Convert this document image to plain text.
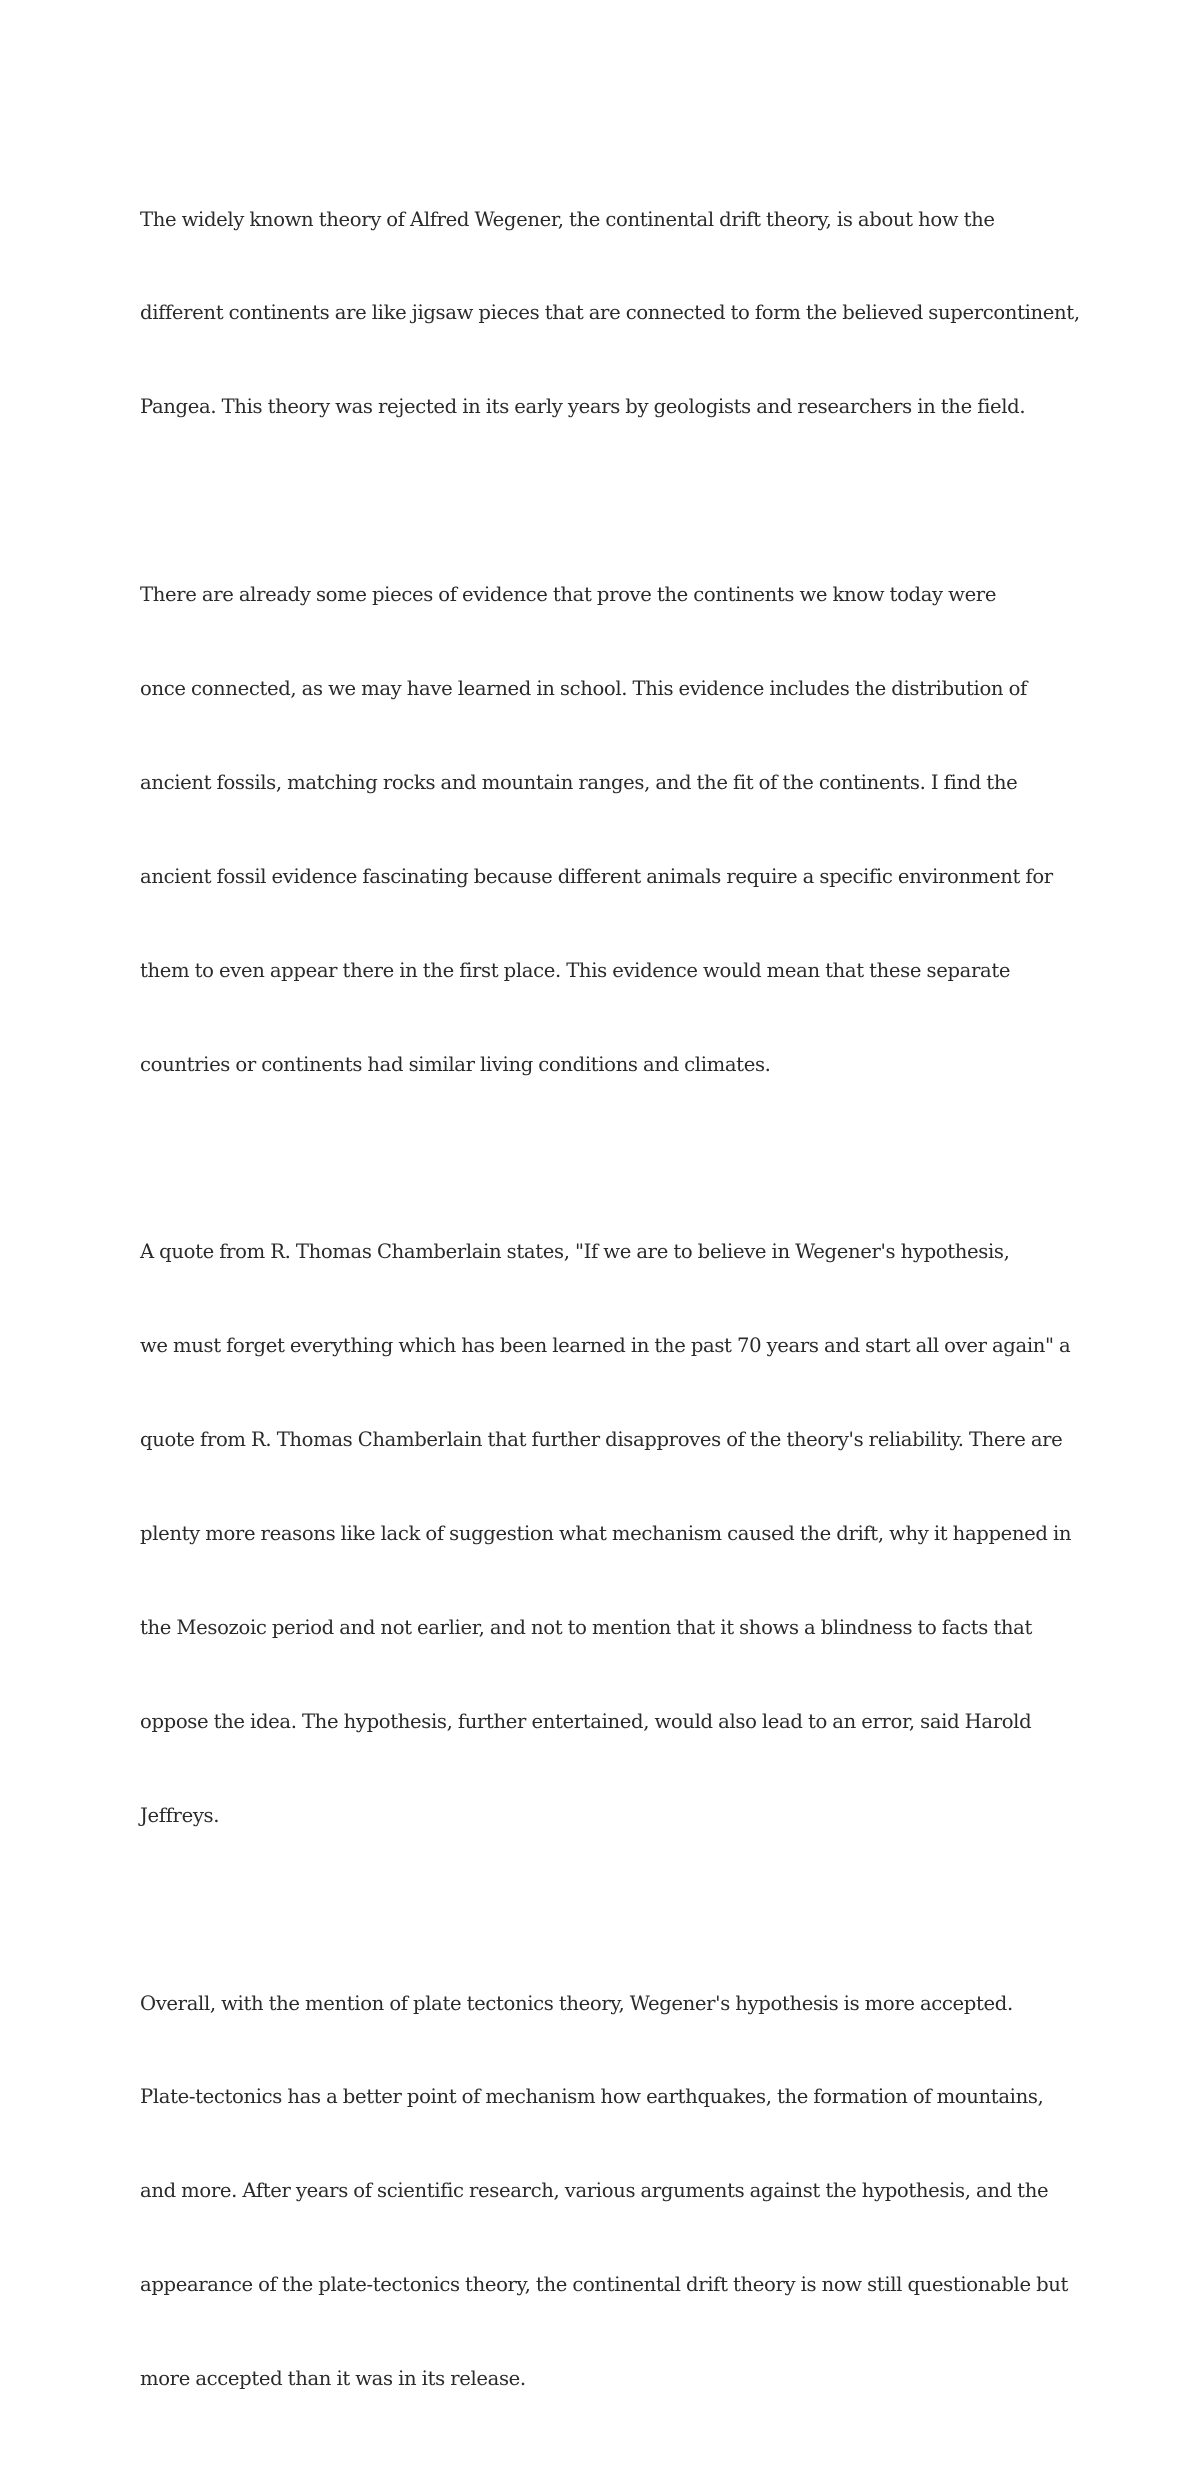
The widely known theory of Alfred Wegener, the continental drift theory, is about how the

different continents are like jigsaw pieces that are connected to form the believed supercontinent,

Pangea. This theory was rejected in its early years by geologists and researchers in the field.

There are already some pieces of evidence that prove the continents we know today were

once connected, as we may have learned in school. This evidence includes the distribution of

ancient fossils, matching rocks and mountain ranges, and the fit of the continents. I find the

ancient fossil evidence fascinating because different animals require a specific environment for

them to even appear there in the first place. This evidence would mean that these separate

countries or continents had similar living conditions and climates.

A quote from R. Thomas Chamberlain states, "If we are to believe in Wegener's hypothesis,

we must forget everything which has been learned in the past 70 years and start all over again" a

quote from R. Thomas Chamberlain that further disapproves of the theory's reliability. There are

plenty more reasons like lack of suggestion what mechanism caused the drift, why it happened in

the Mesozoic period and not earlier, and not to mention that it shows a blindness to facts that

oppose the idea. The hypothesis, further entertained, would also lead to an error, said Harold

Jeffreys.

Overall, with the mention of plate tectonics theory, Wegener's hypothesis is more accepted.

Plate-tectonics has a better point of mechanism how earthquakes, the formation of mountains,

and more. After years of scientific research, various arguments against the hypothesis, and the

appearance of the plate-tectonics theory, the continental drift theory is now still questionable but

more accepted than it was in its release.
